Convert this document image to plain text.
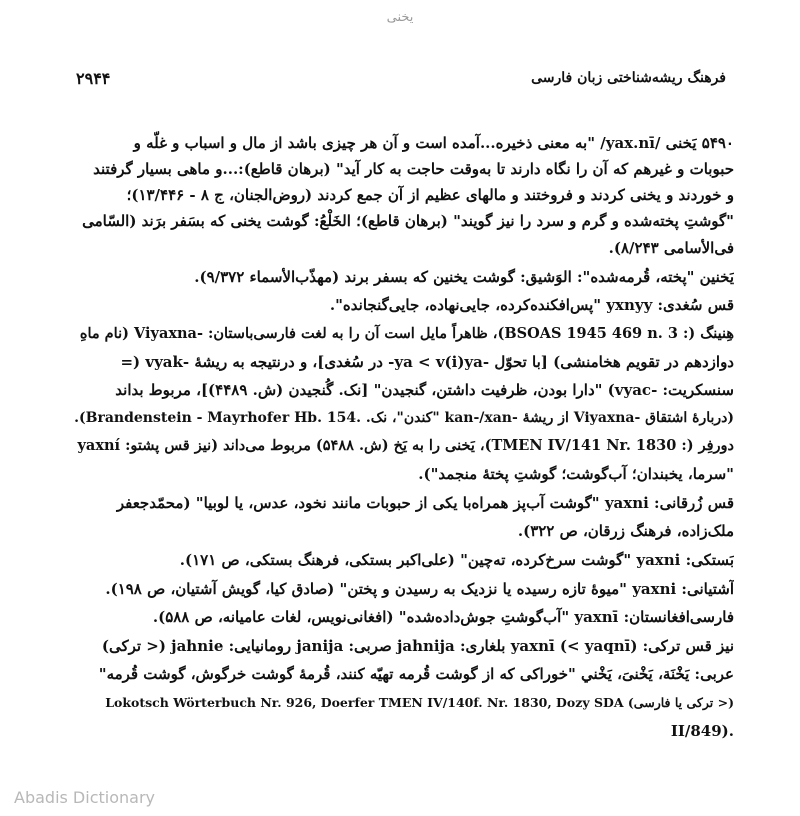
یخنی
۲۹۴۴	فرهنگ ریشه‌شناختی زبان فارسی
۵۴۹۰ یَخنی /yax.nī/ "به معنی ذخیره...آمده است و آن هر چیزی باشد از مال و اسباب و غلّه و
حبوبات و غیرهم که آن را نگاه دارند تا به‌وقت حاجت به کار آید" (برهان قاطع):...و ماهی بسیار گرفتند
و خوردند و یخنی کردند و فروختند و مالهای عظیم از آن جمع کردند (روض‌الجنان، ج ۸ - ۱۳/۴۴۶)؛
"گوشتِ پخته‌شده و گرم و سرد را نیز گویند" (برهان قاطع)؛ الخَلْعُ: گوشت یخنی که بسَفر برَند (السّامی
فی‌الأسامی ۸/۲۴۳).
یَخنین "پخته، قُرمه‌شده": الوَشیق: گوشت یخنین که بسفر برند (مهذّب‌الأسماء ۹/۳۷۲).
قس سُغدی: yxnyy "پس‌افکنده‌کرده، جایی‌نهاده، جایی‌گنجانده".
هِنینگ (: 3 .BSOAS 1945 469 n)، ظاهراً مایل است آن را به لغت فارسی‌باستان: -Viyaxna (نام ماهِ
دوازدهم در تقویم هخامنشی) [با تحوّل -ya < v(i)ya- در سُغدی]، و درنتیجه به ریشهٔ -vyak (=
سنسکریت: -vyac) "دارا بودن، ظرفیت داشتن، گنجیدن" [نک. گُنجیدن (ش. ۴۴۸۹)]، مربوط بداند
(دربارهٔ اشتقاق -Viyaxna از ریشهٔ -kan-/xan "کندن"، نک. .Brandenstein - Mayrhofer Hb. 154).
دورفِر (: TMEN IV/141 Nr. 1830)، یَخنی را به یَخ (ش. ۵۴۸۸) مربوط می‌داند (نیز قس پشتو: yaxní
"سرما، یخبندان؛ آب‌گوشت؛ گوشتِ پختهٔ منجمد").
قس زُرقانی: yaxni "گوشت آب‌پز همراه‌با یکی از حبوبات مانند نخود، عدس، یا لوبیا" (محمّدجعفر
ملک‌زاده، فرهنگ زرقان، ص ۳۲۲).
بَستکی: yaxni "گوشت سرخ‌کرده، ته‌چین" (علی‌اکبر بستکی، فرهنگ بستکی، ص ۱۷۱).
آشتیانی: yaxni "میوهٔ تازه رسیده یا نزدیک به رسیدن و پختن" (صادق کیا، گویش آشتیان، ص ۱۹۸).
فارسی‌افغانستان: yaxnī "آب‌گوشتِ جوش‌داده‌شده" (افغانی‌نویس، لغات عامیانه، ص ۵۸۸).
نیز قس ترکی: yaxnī (< yaqnī) بلغاری: jahnija صربی: janija رومانیایی: jahnie (< ترکی)
عربی: یَخْنَة، یَخْنیَ، یَخْني "خوراکی که از گوشت قُرمه تهیّه کنند، قُرمهٔ گوشت خرگوش، گوشت قُرمه"
(< ترکی یا فارسی) Lokotsch Wörterbuch Nr. 926, Doerfer TMEN IV/140f. Nr. 1830, Dozy SDA
.(II/849
Abadis Dictionary
